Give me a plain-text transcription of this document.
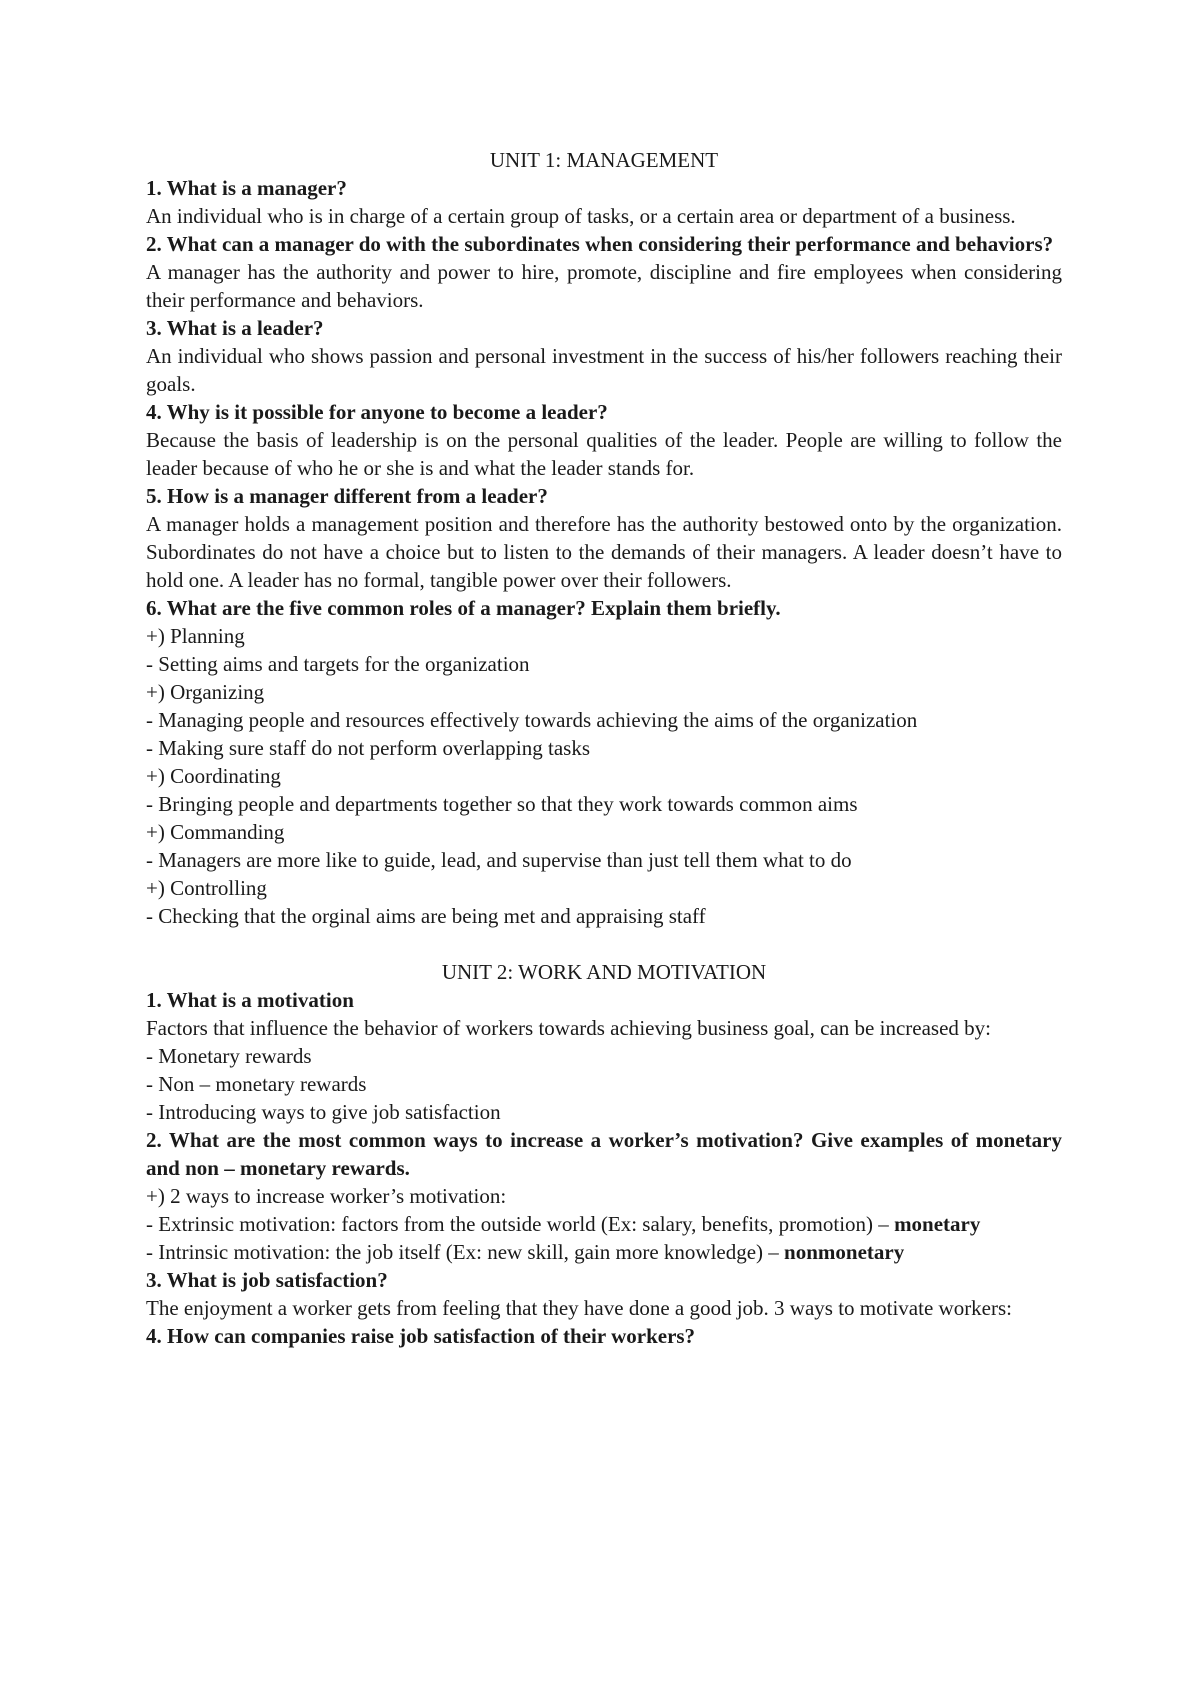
UNIT 1: MANAGEMENT

1. What is a manager?

An individual who is in charge of a certain group of tasks, or a certain area or department of a business.

2. What can a manager do with the subordinates when considering their performance and behaviors?

A manager has the authority and power to hire, promote, discipline and fire employees when considering their performance and behaviors.

3. What is a leader?

An individual who shows passion and personal investment in the success of his/her followers reaching their goals.

4. Why is it possible for anyone to become a leader?

Because the basis of leadership is on the personal qualities of the leader. People are willing to follow the leader because of who he or she is and what the leader stands for.

5. How is a manager different from a leader?

A manager holds a management position and therefore has the authority bestowed onto by the organization. Subordinates do not have a choice but to listen to the demands of their managers. A leader doesn’t have to hold one. A leader has no formal, tangible power over their followers.

6. What are the five common roles of a manager? Explain them briefly.

+) Planning

- Setting aims and targets for the organization

+) Organizing

- Managing people and resources effectively towards achieving the aims of the organization

- Making sure staff do not perform overlapping tasks

+) Coordinating

- Bringing people and departments together so that they work towards common aims

+) Commanding

- Managers are more like to guide, lead, and supervise than just tell them what to do

+) Controlling

- Checking that the orginal aims are being met and appraising staff

UNIT 2: WORK AND MOTIVATION

1. What is a motivation

Factors that influence the behavior of workers towards achieving business goal, can be increased by:

- Monetary rewards

- Non – monetary rewards

- Introducing ways to give job satisfaction

2. What are the most common ways to increase a worker’s motivation? Give examples of monetary and non – monetary rewards.

+) 2 ways to increase worker’s motivation:

- Extrinsic motivation: factors from the outside world (Ex: salary, benefits, promotion) – monetary

- Intrinsic motivation: the job itself (Ex: new skill, gain more knowledge) – nonmonetary

3. What is job satisfaction?

The enjoyment a worker gets from feeling that they have done a good job. 3 ways to motivate workers:

4. How can companies raise job satisfaction of their workers?
